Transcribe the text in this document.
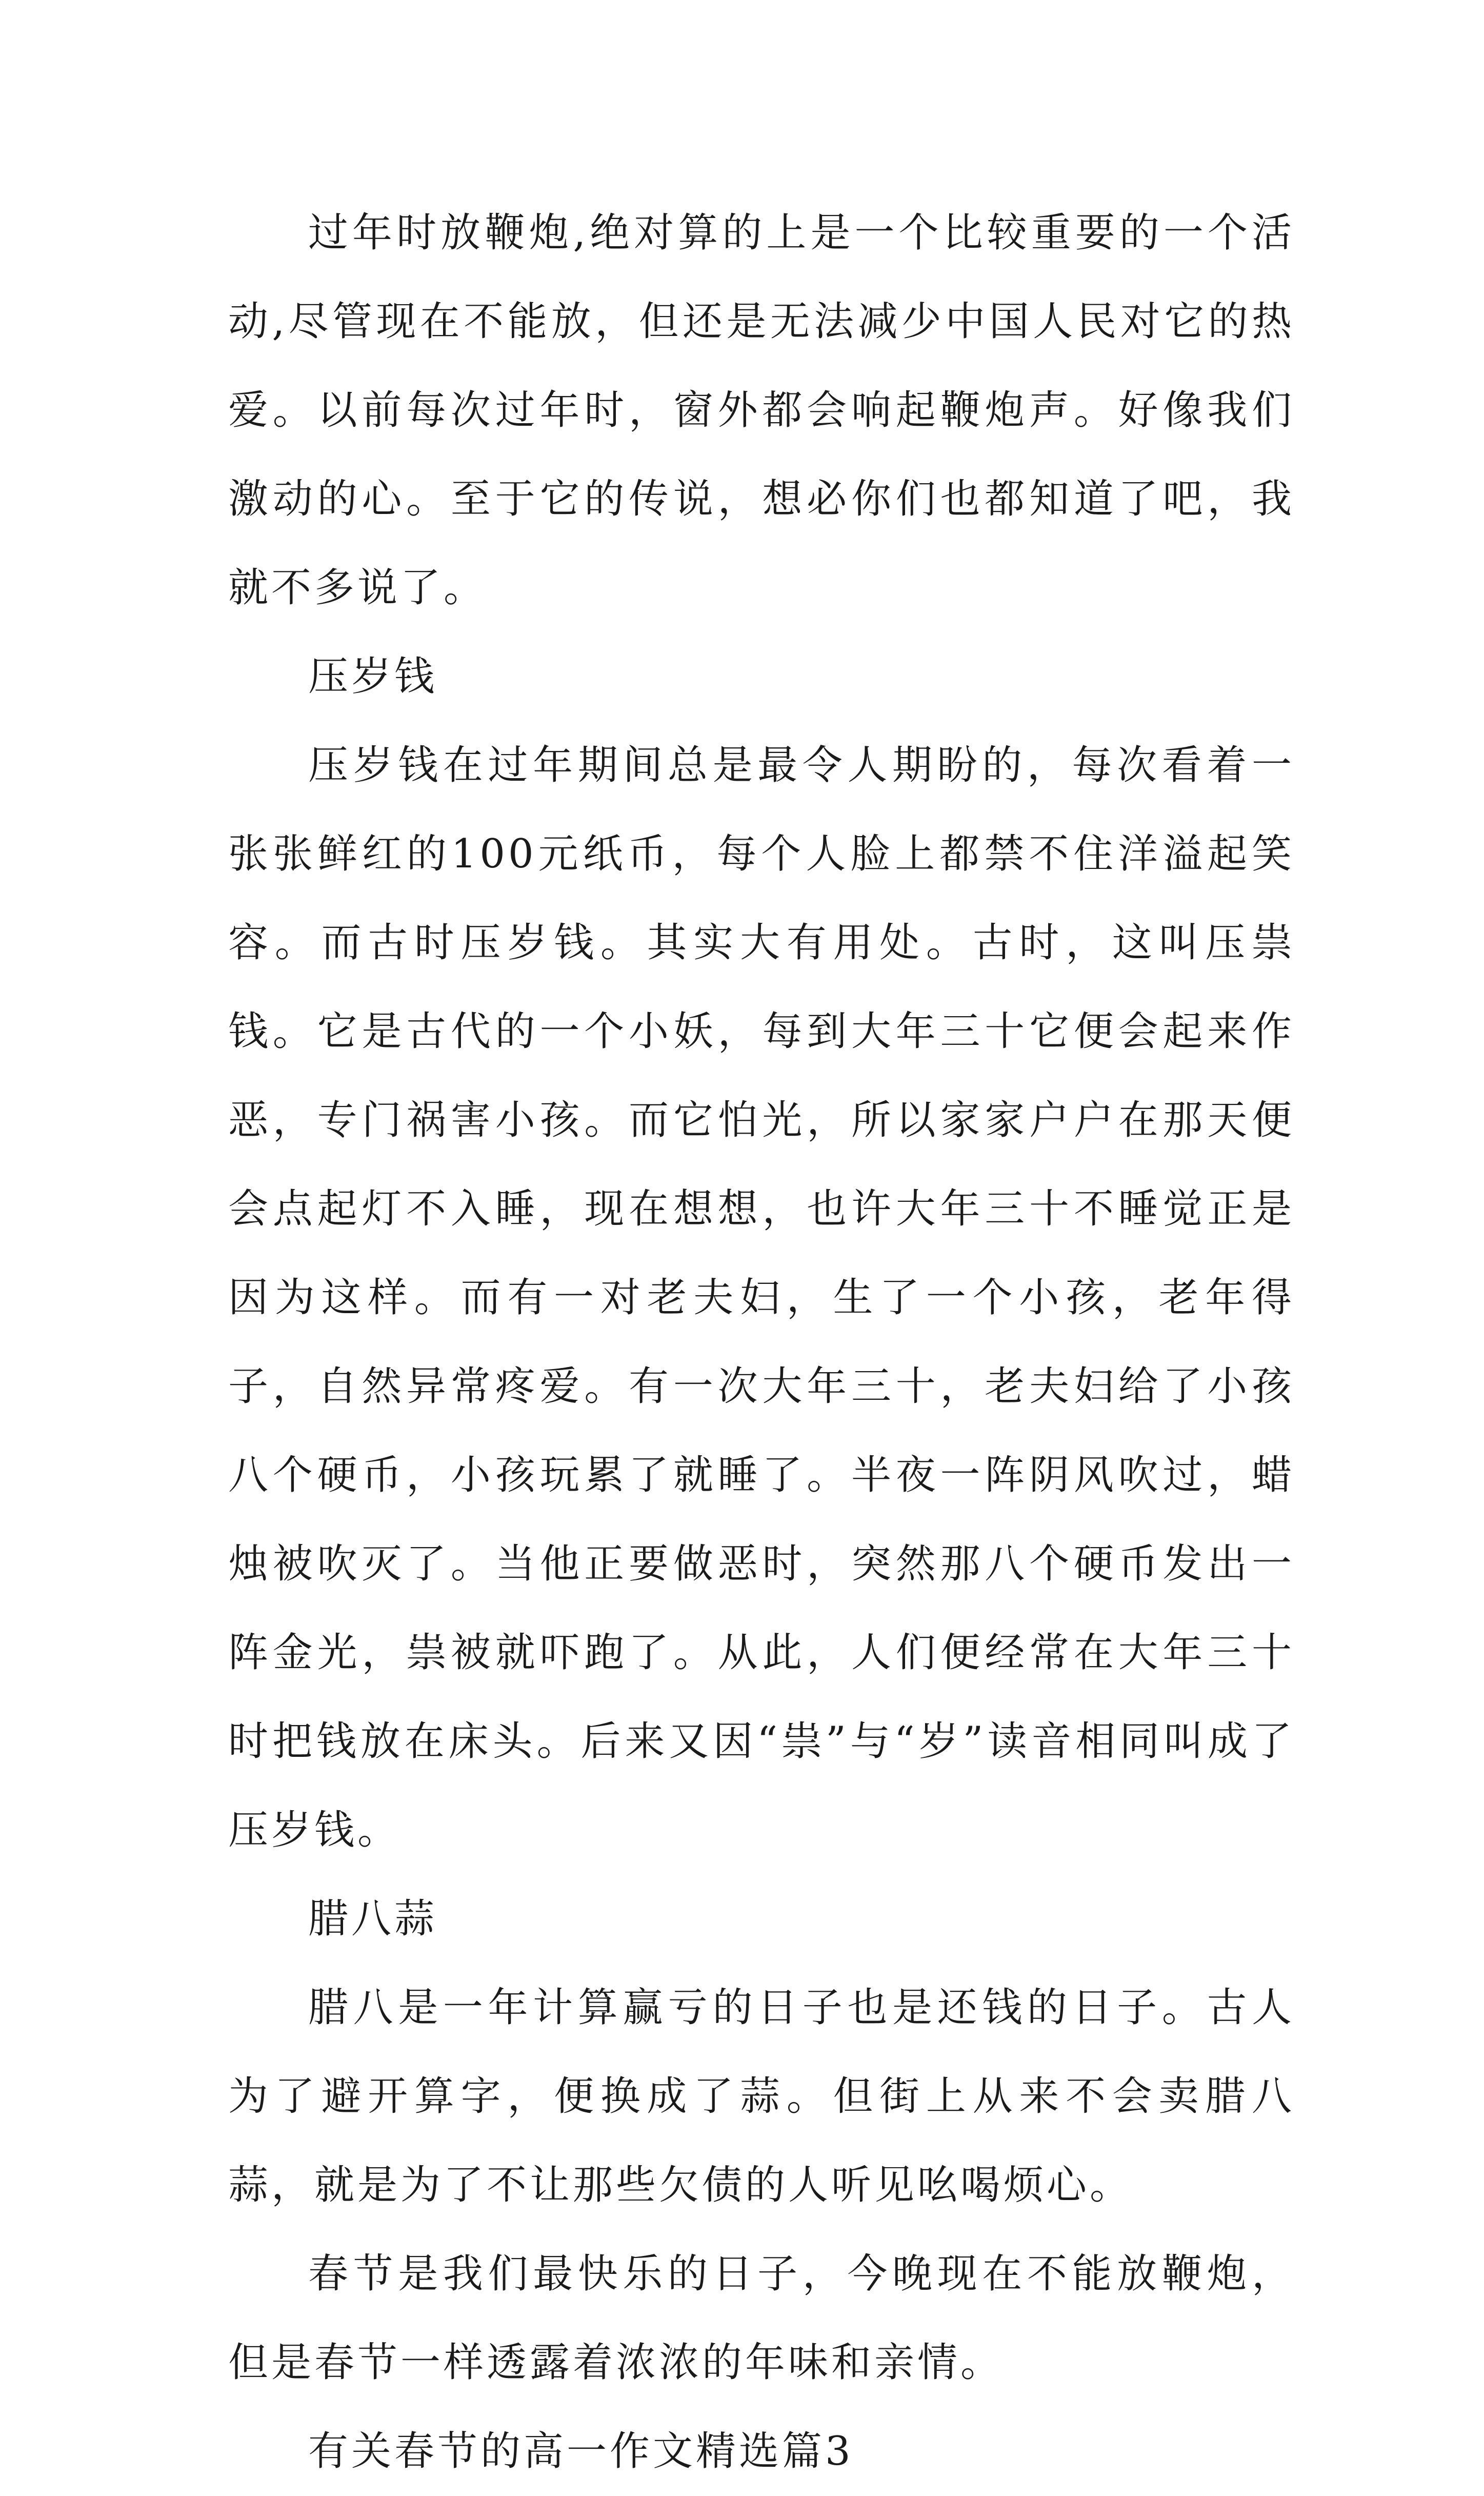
过年时放鞭炮,绝对算的上是一个比较重要的一个活动,尽管现在不能放，但还是无法减少中国人民对它的热爱。以前每次过年时，窗外都会响起鞭炮声。好像我们激动的心。至于它的传说，想必你们也都知道了吧，我就不多说了。

压岁钱

压岁钱在过年期间总是最令人期盼的，每次看着一张张鲜红的100元纸币，每个人脸上都禁不住洋溢起笑容。而古时压岁钱。其实大有用处。古时，这叫压祟钱。它是古代的一个小妖，每到大年三十它便会起来作恶，专门祸害小孩。而它怕光，所以家家户户在那天便会点起灯不入睡，现在想想，也许大年三十不睡觉正是因为这样。而有一对老夫妇，生了一个小孩，老年得子，自然异常疼爱。有一次大年三十，老夫妇给了小孩八个硬币，小孩玩累了就睡了。半夜一阵阴风吹过，蜡烛被吹灭了。当他正要做恶时，突然那八个硬币发出一阵金光，祟被就吓跑了。从此，人们便经常在大年三十时把钱放在床头。后来又因“祟”与“岁”读音相同叫成了压岁钱。

腊八蒜

腊八是一年计算赢亏的日子也是还钱的日子。古人为了避开算字，便换成了蒜。但街上从来不会卖腊八蒜，就是为了不让那些欠债的人听见吆喝烦心。

春节是我们最快乐的日子，今晚现在不能放鞭炮，但是春节一样透露着浓浓的年味和亲情。

有关春节的高一作文精选篇3
